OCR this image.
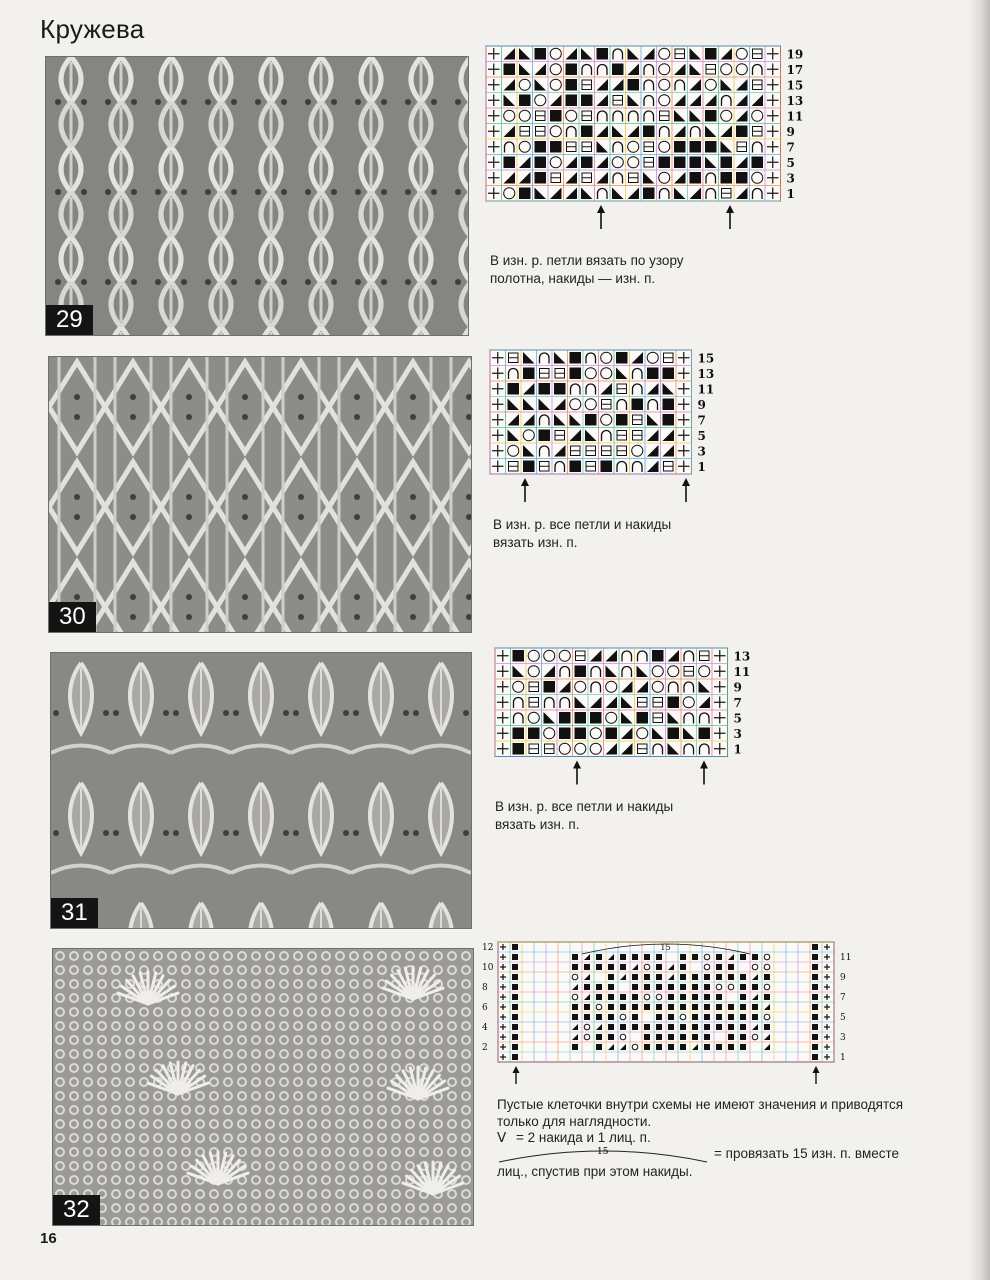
Кружева
29
19
17
15
13
11
9
7
5
3
1
В изн. р. петли вязать по узору
полотна, накиды — изн. п.
30
15
13
11
9
7
5
3
1
В изн. р. все петли и накиды
вязать изн. п.
31
13
11
9
7
5
3
1
В изн. р. все петли и накиды
вязать изн. п.
32
15
12
10
8
6
4
2
11
9
7
5
3
1
Пустые клеточки внутри схемы не имеют значения и приводятся
только для наглядности.
V = 2 накида и 1 лиц. п.
15	= провязать 15 изн. п. вместе
лиц., спустив при этом накиды.
16
